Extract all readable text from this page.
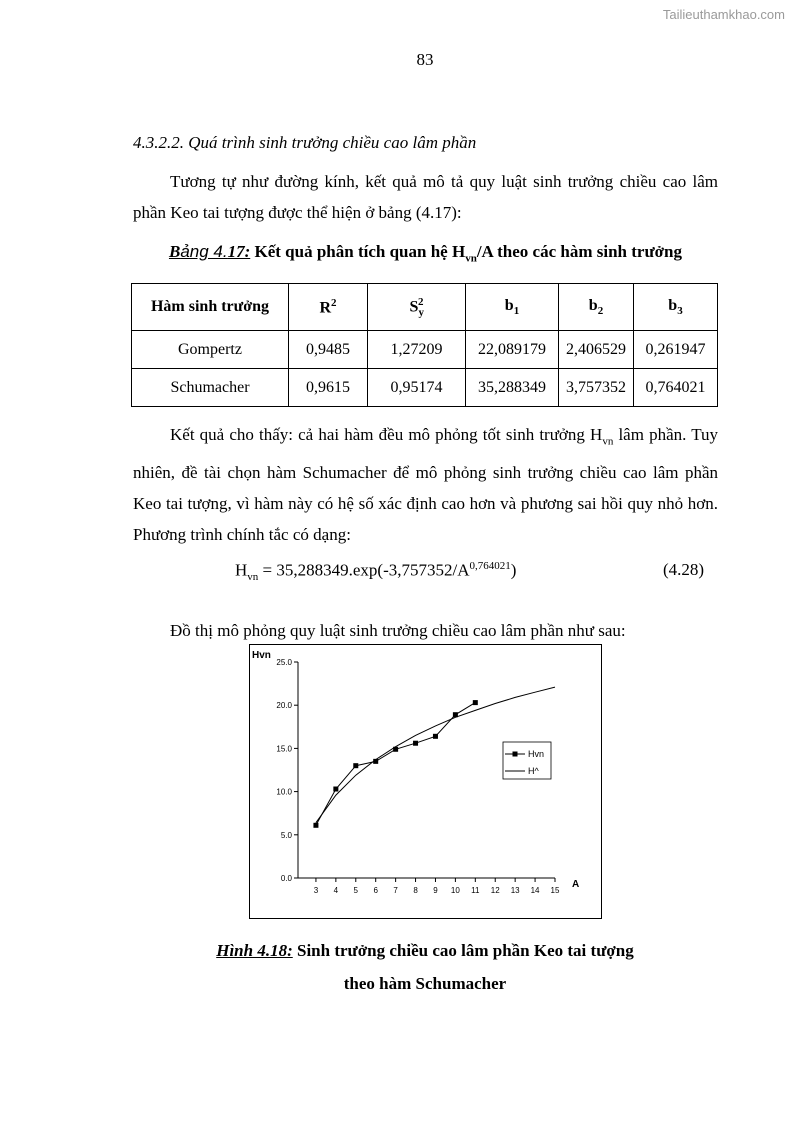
Tailieuthamkhao.com
83
4.3.2.2. Quá trình sinh trưởng chiều cao lâm phần
Tương tự như đường kính, kết quả mô tả quy luật sinh trưởng chiều cao lâm phần Keo tai tượng được thể hiện ở bảng (4.17):
Bảng 4.17: Kết quả phân tích quan hệ $H_{vn}/A$ theo các hàm sinh trưởng
Hàm sinh trưởng	$R^2$	$S_y^2$	$b_1$	$b_2$	$b_3$
Gompertz	0,9485	1,27209	22,089179	2,406529	0,261947
Schumacher	0,9615	0,95174	35,288349	3,757352	0,764021
Kết quả cho thấy: cả hai hàm đều mô phỏng tốt sinh trưởng $H_{vn}$ lâm phần. Tuy nhiên, đề tài chọn hàm Schumacher để mô phỏng sinh trưởng chiều cao lâm phần Keo tai tượng, vì hàm này có hệ số xác định cao hơn và phương sai hồi quy nhỏ hơn. Phương trình chính tắc có dạng:
$H_{vn} = 35,288349.\exp(-3,757352/A^{0,764021})$	(4.28)
Đồ thị mô phỏng quy luật sinh trưởng chiều cao lâm phần như sau:
Hvn
A
0.0
5.0
10.0
15.0
20.0
25.0
3 4 5 6 7 8 9 10 11 12 13 14 15
Hvn
H^
Hình 4.18: Sinh trưởng chiều cao lâm phần Keo tai tượng
theo hàm Schumacher
